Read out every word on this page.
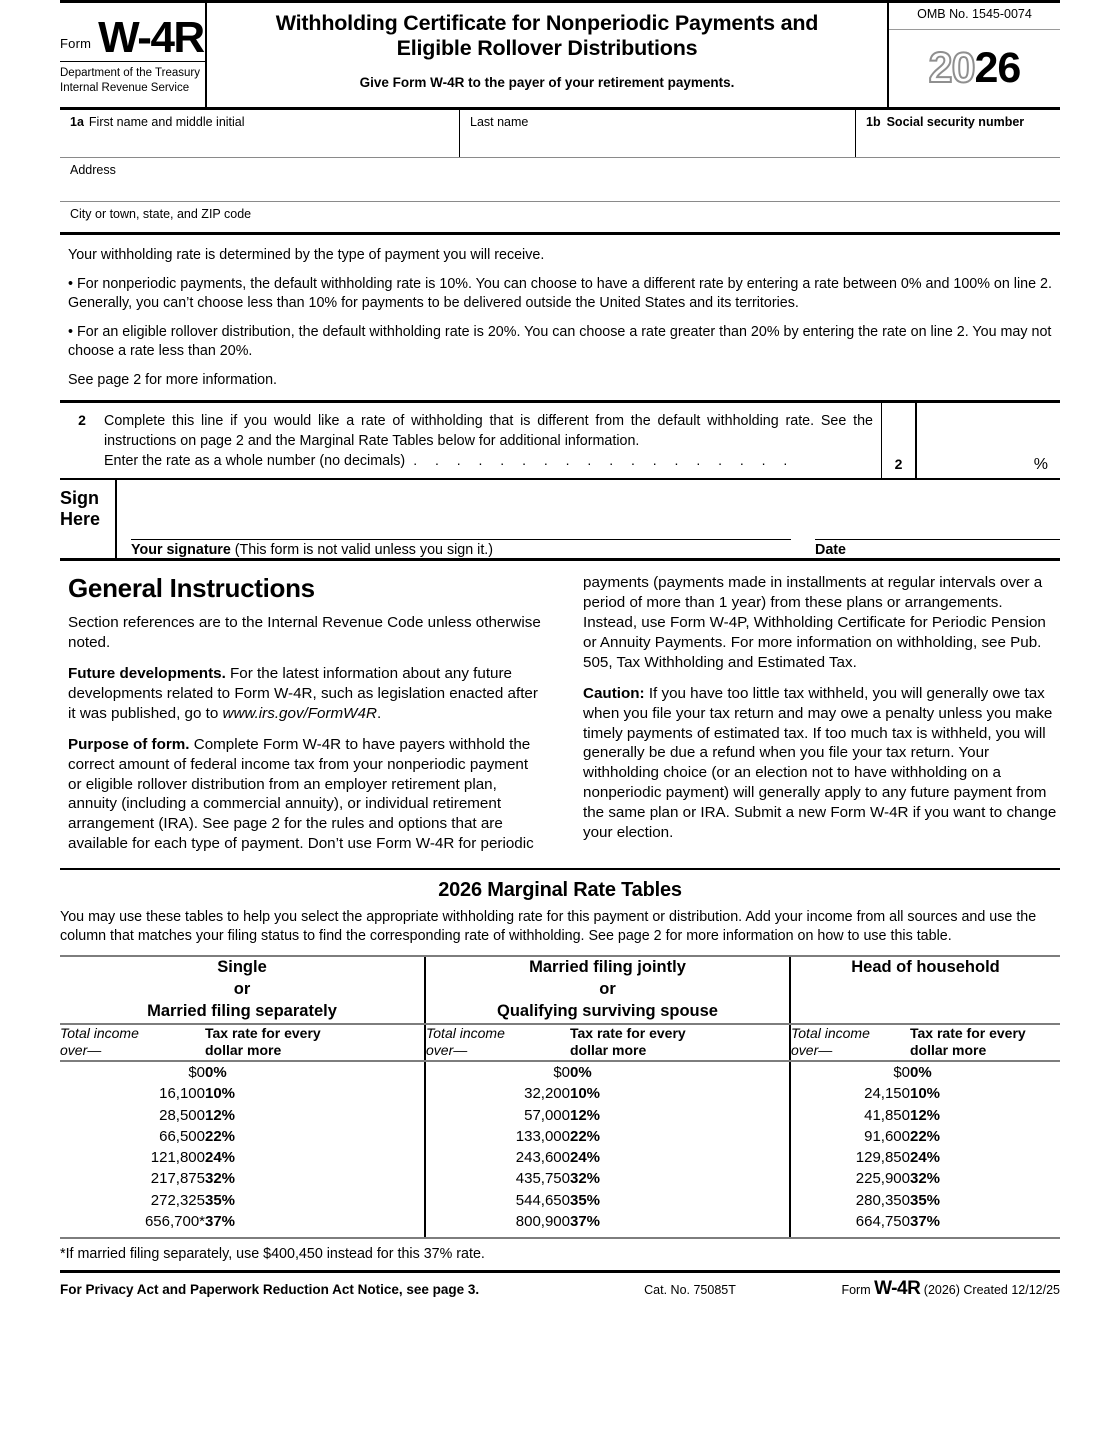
Form W-4R
Department of the Treasury
Internal Revenue Service
Withholding Certificate for Nonperiodic Payments and
Eligible Rollover Distributions
Give Form W-4R to the payer of your retirement payments.
OMB No. 1545-0074
2026
1a First name and middle initial	Last name	1b Social security number
Address
City or town, state, and ZIP code

Your withholding rate is determined by the type of payment you will receive.

• For nonperiodic payments, the default withholding rate is 10%. You can choose to have a different rate by entering a rate between 0% and 100% on line 2. Generally, you can’t choose less than 10% for payments to be delivered outside the United States and its territories.

• For an eligible rollover distribution, the default withholding rate is 20%. You can choose a rate greater than 20% by entering the rate on line 2. You may not choose a rate less than 20%.

See page 2 for more information.

2	Complete this line if you would like a rate of withholding that is different from the default withholding rate. See the instructions on page 2 and the Marginal Rate Tables below for additional information.
Enter the rate as a whole number (no decimals) . . . . . . . . . . . . . . . . . .	2	%
Sign
Here
Your signature (This form is not valid unless you sign it.)	Date
General Instructions

Section references are to the Internal Revenue Code unless otherwise noted.

Future developments. For the latest information about any future developments related to Form W-4R, such as legislation enacted after it was published, go to www.irs.gov/FormW4R.

Purpose of form. Complete Form W-4R to have payers withhold the correct amount of federal income tax from your nonperiodic payment or eligible rollover distribution from an employer retirement plan, annuity (including a commercial annuity), or individual retirement arrangement (IRA). See page 2 for the rules and options that are available for each type of payment. Don’t use Form W-4R for periodic

payments (payments made in installments at regular intervals over a period of more than 1 year) from these plans or arrangements. Instead, use Form W-4P, Withholding Certificate for Periodic Pension or Annuity Payments. For more information on withholding, see Pub. 505, Tax Withholding and Estimated Tax.

Caution: If you have too little tax withheld, you will generally owe tax when you file your tax return and may owe a penalty unless you make timely payments of estimated tax. If too much tax is withheld, you will generally be due a refund when you file your tax return. Your withholding choice (or an election not to have withholding on a nonperiodic payment) will generally apply to any future payment from the same plan or IRA. Submit a new Form W-4R if you want to change your election.

2026 Marginal Rate Tables

You may use these tables to help you select the appropriate withholding rate for this payment or distribution. Add your income from all sources and use the column that matches your filing status to find the corresponding rate of withholding. See page 2 for more information on how to use this table.

Single
or
Married filing separately

Married filing jointly
or
Qualifying surviving spouse

Head of household

Total income
over—

Tax rate for every
dollar more

Total income
over—

Tax rate for every
dollar more

Total income
over—

Tax rate for every
dollar more

$0	0%	$0	0%	$0	0%
16,100	10%	32,200	10%	24,150	10%
28,500	12%	57,000	12%	41,850	12%
66,500	22%	133,000	22%	91,600	22%
121,800	24%	243,600	24%	129,850	24%
217,875	32%	435,750	32%	225,900	32%
272,325	35%	544,650	35%	280,350	35%
656,700*	37%	800,900	37%	664,750	37%
*If married filing separately, use $400,450 instead for this 37% rate.
For Privacy Act and Paperwork Reduction Act Notice, see page 3.	Cat. No. 75085T	Form W-4R (2026) Created 12/12/25
